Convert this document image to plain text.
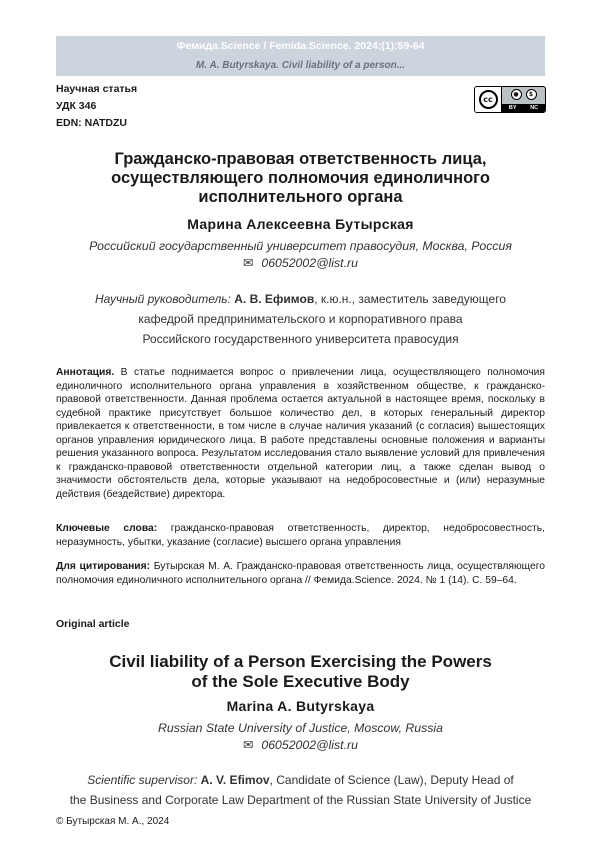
Фемида.Science / Femida.Science. 2024;(1):59-64
M. A. Butyrskaya. Civil liability of a person...
Научная статья
УДК 346
EDN: NATDZU
cc
●	$
BY NC
Гражданско-правовая ответственность лица,
осуществляющего полномочия единоличного
исполнительного органа
Марина Алексеевна Бутырская
Российский государственный университет правосудия, Москва, Россия
✉ 06052002@list.ru
Научный руководитель: А. В. Ефимов, к.ю.н., заместитель заведующего
кафедрой предпринимательского и корпоративного права
Российского государственного университета правосудия
Аннотация. В статье поднимается вопрос о привлечении лица, осуществляющего полномочия единоличного исполнительного органа управления в хозяйственном обществе, к гражданско-правовой ответственности. Данная проблема остается актуальной в настоящее время, поскольку в судебной практике присутствует большое количество дел, в которых генеральный директор привлекается к ответственности, в том числе в случае наличия указаний (с согласия) вышестоящих органов управления юридического лица. В работе представлены основные положения и варианты решения указанного вопроса. Результатом исследования стало выявление условий для привлечения к гражданско-правовой ответственности отдельной категории лиц, а также сделан вывод о значимости обстоятельств дела, которые указывают на недобросовестные и (или) неразумные действия (бездействие) директора.
Ключевые слова: гражданско-правовая ответственность, директор, недобросовестность, неразумность, убытки, указание (согласие) высшего органа управления
Для цитирования: Бутырская М. А. Гражданско-правовая ответственность лица, осуществляющего полномочия единоличного исполнительного органа // Фемида.Science. 2024. № 1 (14). С. 59–64.
Original article
Civil liability of a Person Exercising the Powers
of the Sole Executive Body
Marina A. Butyrskaya
Russian State University of Justice, Moscow, Russia
✉ 06052002@list.ru
Scientific supervisor: A. V. Efimov, Candidate of Science (Law), Deputy Head of
the Business and Corporate Law Department of the Russian State University of Justice
© Бутырская М. А., 2024
